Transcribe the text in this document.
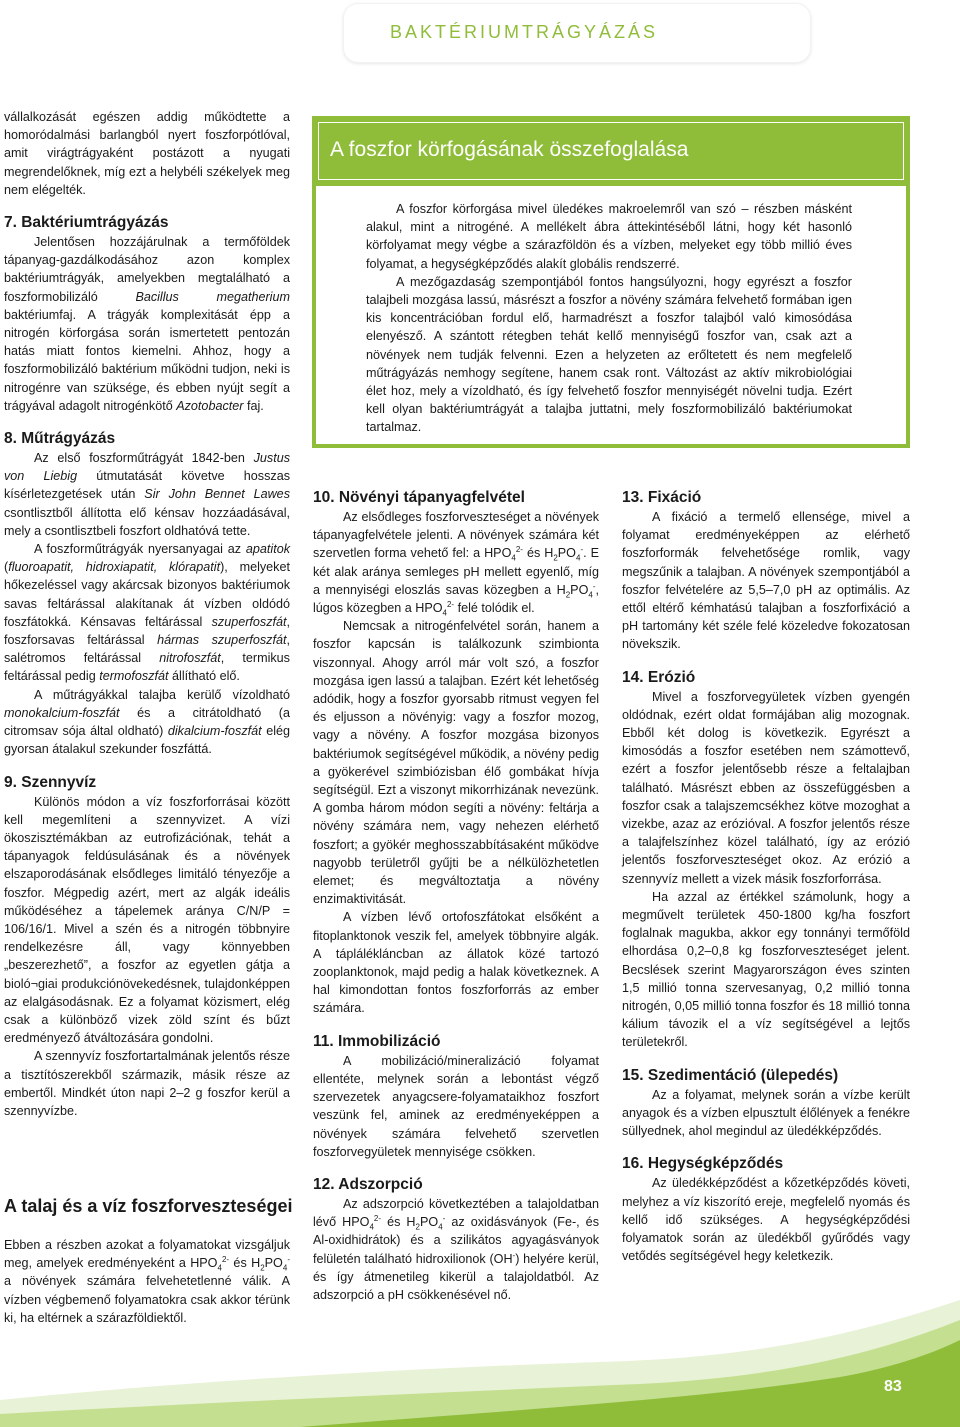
BAKTÉRIUMTRÁGYÁZÁS

vállalkozását egészen addig működtette a homoródalmási barlangból nyert foszforpótlóval, amit virágtrágyaként postázott a nyugati megrendelőknek, míg ezt a helybéli székelyek meg nem elégelték.

7. Baktériumtrágyázás

Jelentősen hozzájárulnak a termőföldek tápanyag-gazdálkodásához azon komplex baktériumtrágyák, amelyekben megtalálható a foszformobilizáló Bacillus megatherium baktériumfaj. A trágyák komplexitását épp a nitrogén körforgása során ismertetett pentozán hatás miatt fontos kiemelni. Ahhoz, hogy a foszformobilizáló baktérium működni tudjon, neki is nitrogénre van szüksége, és ebben nyújt segít a trágyával adagolt nitrogénkötő Azotobacter faj.

8. Műtrágyázás

Az első foszforműtrágyát 1842-ben Justus von Liebig útmutatását követve hosszas kísérletezgetések után Sir John Bennet Lawes csontlisztből állította elő kénsav hozzáadásával, mely a csontlisztbeli foszfort oldhatóvá tette.

A foszforműtrágyák nyersanyagai az apatitok (fluoroapatit, hidroxiapatit, klórapatit), melyeket hőkezeléssel vagy akárcsak bizonyos baktériumok savas feltárással alakítanak át vízben oldódó foszfátokká. Kénsavas feltárással szuperfoszfát, foszforsavas feltárással hármas szuperfoszfát, salétromos feltárással nitrofoszfát, termikus feltárással pedig termofoszfát állítható elő.

A műtrágyákkal talajba kerülő vízoldható monokalcium-foszfát és a citrátoldható (a citromsav sója által oldható) dikalcium-foszfát elég gyorsan átalakul szekunder foszfáttá.

9. Szennyvíz

Különös módon a víz foszforforrásai között kell megemlíteni a szennyvizet. A vízi ökoszisztémákban az eutrofizációnak, tehát a tápanyagok feldúsulásának és a növények elszaporodásának elsődleges limitáló tényezője a foszfor. Mégpedig azért, mert az algák ideális működéséhez a tápelemek aránya C/N/P = 106/16/1. Mivel a szén és a nitrogén többnyire rendelkezésre áll, vagy könnyebben „beszerezhető”, a foszfor az egyetlen gátja a bioló¬giai produkciónövekedésnek, tulajdonképpen az elalgásodásnak. Ez a folyamat közismert, elég csak a különböző vizek zöld színt és bűzt eredményező átváltozására gondolni.

A szennyvíz foszfortartalmának jelentős része a tisztítószerekből származik, másik része az embertől. Mindkét úton napi 2–2 g foszfor kerül a szennyvízbe.

A talaj és a víz foszforveszteségei

Ebben a részben azokat a folyamatokat vizsgáljuk meg, amelyek eredményeként a $HPO_4^{2-}$ és $H_2PO_4^-$ a növények számára felvehetetlenné válik. A vízben végbemenő folyamatokra csak akkor térünk ki, ha eltérnek a szárazföldiektől.

A foszfor körfogásának összefoglalása

A foszfor körforgása mivel üledékes makroelemről van szó – részben másként alakul, mint a nitrogéné. A mellékelt ábra áttekintéséből látni, hogy két hasonló körfolyamat megy végbe a szárazföldön és a vízben, melyeket egy több millió éves folyamat, a hegységképződés alakít globális rendszerré.

A mezőgazdaság szempontjából fontos hangsúlyozni, hogy egyrészt a foszfor talajbeli mozgása lassú, másrészt a foszfor a növény számára felvehető formában igen kis koncentrációban fordul elő, harmadrészt a foszfor talajból való kimosódása elenyésző. A szántott rétegben tehát kellő mennyiségű foszfor van, csak azt a növények nem tudják felvenni. Ezen a helyzeten az erőltetett és nem megfelelő műtrágyázás nemhogy segítene, hanem csak ront. Változást az aktív mikrobiológiai élet hoz, mely a vízoldható, és így felvehető foszfor mennyiségét növelni tudja. Ezért kell olyan baktériumtrágyát a talajba juttatni, mely foszformobilizáló baktériumokat tartalmaz.

10. Növényi tápanyagfelvétel

Az elsődleges foszforveszteséget a növények tápanyagfelvétele jelenti. A növények számára két szervetlen forma vehető fel: a $HPO_4^{2-}$ és $H_2PO_4^-$. E két alak aránya semleges pH mellett egyenlő, míg a mennyiségi eloszlás savas közegben a $H_2PO_4^-$, lúgos közegben a $HPO_4^{2-}$ felé tolódik el.

Nemcsak a nitrogénfelvétel során, hanem a foszfor kapcsán is találkozunk szimbionta viszonnyal. Ahogy arról már volt szó, a foszfor mozgása igen lassú a talajban. Ezért két lehetőség adódik, hogy a foszfor gyorsabb ritmust vegyen fel és eljusson a növényig: vagy a foszfor mozog, vagy a növény. A foszfor mozgása bizonyos baktériumok segítségével működik, a növény pedig a gyökerével szimbiózisban élő gombákat hívja segítségül. Ezt a viszonyt mikorrhizának nevezünk. A gomba három módon segíti a növény: feltárja a növény számára nem, vagy nehezen elérhető foszfort; a gyökér meghosszabbításaként működve nagyobb területről gyűjti be a nélkülözhetetlen elemet; és megváltoztatja a növény enzimaktivitását.

A vízben lévő ortofoszfátokat elsőként a fitoplanktonok veszik fel, amelyek többnyire algák. A táplálékláncban az állatok közé tartozó zooplanktonok, majd pedig a halak következnek. A hal kimondottan fontos foszforforrás az ember számára.

11. Immobilizáció

A mobilizáció/mineralizáció folyamat ellentéte, melynek során a lebontást végző szervezetek anyagcsere-folyamataikhoz foszfort veszünk fel, aminek az eredményeképpen a növények számára felvehető szervetlen foszforvegyületek mennyisége csökken.

12. Adszorpció

Az adszorpció következtében a talajoldatban lévő $HPO_4^{2-}$ és $H_2PO_4^-$ az oxidásványok (Fe-, és Al-oxidhidrátok) és a szilikátos agyagásványok felületén található hidroxilionok (OH-) helyére kerül, és így átmenetileg kikerül a talajoldatból. Az adszorpció a pH csökkenésével nő.

13. Fixáció

A fixáció a termelő ellensége, mivel a folyamat eredményeképpen az elérhető foszforformák felvehetősége romlik, vagy megszűnik a talajban. A növények szempontjából a foszfor felvételére az 5,5–7,0 pH az optimális. Az ettől eltérő kémhatású talajban a foszforfixáció a pH tartomány két széle felé közeledve fokozatosan növekszik.

14. Erózió

Mivel a foszforvegyületek vízben gyengén oldódnak, ezért oldat formájában alig mozognak. Ebből két dolog is következik. Egyrészt a kimosódás a foszfor esetében nem számottevő, ezért a foszfor jelentősebb része a feltalajban található. Másrészt ebben az összefüggésben a foszfor csak a talajszemcsékhez kötve mozoghat a vizekbe, azaz az erózióval. A foszfor jelentős része a talajfelszínhez közel található, így az erózió jelentős foszforveszteséget okoz. Az erózió a szennyvíz mellett a vizek másik foszforforrása.

Ha azzal az értékkel számolunk, hogy a megművelt területek 450-1800 kg/ha foszfort foglalnak magukba, akkor egy tonnányi termőföld elhordása 0,2–0,8 kg foszforveszteséget jelent. Becslések szerint Magyarországon éves szinten 1,5 millió tonna szervesanyag, 0,2 millió tonna nitrogén, 0,05 millió tonna foszfor és 18 millió tonna kálium távozik el a víz segítségével a lejtős területekről.

15. Szedimentáció (ülepedés)

Az a folyamat, melynek során a vízbe került anyagok és a vízben elpusztult élőlények a fenékre süllyednek, ahol megindul az üledékképződés.

16. Hegységképződés

Az üledékképződést a kőzetképződés követi, melyhez a víz kiszorító ereje, megfelelő nyomás és kellő idő szükséges. A hegységképződési folyamatok során az üledékből gyűrődés vagy vetődés segítségével hegy keletkezik.

83
